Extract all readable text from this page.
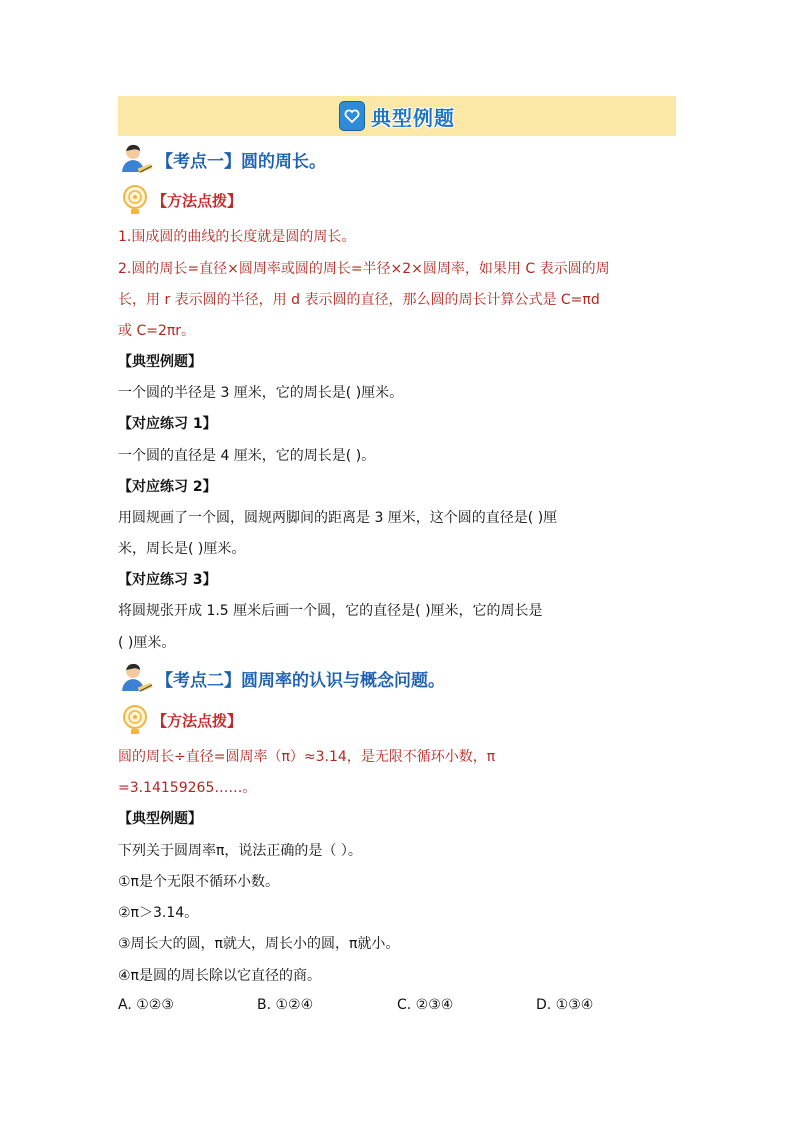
典型例题
【考点一】圆的周长。
【方法点拨】
1.围成圆的曲线的长度就是圆的周长。
2.圆的周长=直径×圆周率或圆的周长=半径×2×圆周率，如果用 C 表示圆的周
长，用 r 表示圆的半径，用 d 表示圆的直径，那么圆的周长计算公式是 C=πd
或 C=2πr。
【典型例题】
一个圆的半径是 3 厘米，它的周长是( )厘米。
【对应练习 1】
一个圆的直径是 4 厘米，它的周长是( )。
【对应练习 2】
用圆规画了一个圆，圆规两脚间的距离是 3 厘米，这个圆的直径是( )厘
米，周长是( )厘米。
【对应练习 3】
将圆规张开成 1.5 厘米后画一个圆，它的直径是( )厘米，它的周长是
( )厘米。
【考点二】圆周率的认识与概念问题。
【方法点拨】
圆的周长÷直径=圆周率（π）≈3.14，是无限不循环小数，π
=3.14159265……。
【典型例题】
下列关于圆周率π，说法正确的是（ ）。
①π是个无限不循环小数。
②π＞3.14。
③周长大的圆，π就大，周长小的圆，π就小。
④π是圆的周长除以它直径的商。
A. ①②③	B. ①②④	C. ②③④	D. ①③④
